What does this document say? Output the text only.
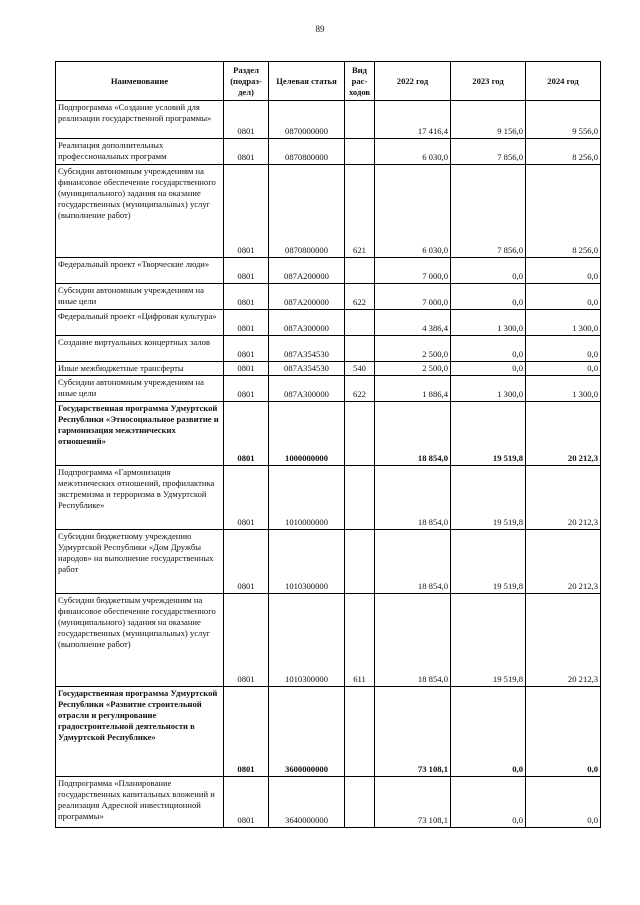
89
Наименование	Раздел (подраз-дел)	Целевая статья	Вид рас-ходов	2022 год	2023 год	2024 год
Подпрограмма «Создание условий для реализации государственной программы»	0801	0870000000		17 416,4	9 156,0	9 556,0
Реализация дополнительных профессиональных программ	0801	0870800000		6 030,0	7 856,0	8 256,0
Субсидии автономным учреждениям на финансовое обеспечение государственного (муниципального) задания на оказание государственных (муниципальных) услуг (выполнение работ)	0801	0870800000	621	6 030,0	7 856,0	8 256,0
Федеральный проект «Творческие люди»	0801	087A200000		7 000,0	0,0	0,0
Субсидии автономным учреждениям на иные цели	0801	087A200000	622	7 000,0	0,0	0,0
Федеральный проект «Цифровая культура»	0801	087A300000		4 386,4	1 300,0	1 300,0
Создание виртуальных концертных залов	0801	087A354530		2 500,0	0,0	0,0
Иные межбюджетные трансферты	0801	087A354530	540	2 500,0	0,0	0,0
Субсидии автономным учреждениям на иные цели	0801	087A300000	622	1 886,4	1 300,0	1 300,0
Государственная программа Удмуртской Республики «Этносоциальное развитие и гармонизация межэтнических отношений»	0801	1000000000		18 854,0	19 519,8	20 212,3
Подпрограмма «Гармонизация межэтнических отношений, профилактика экстремизма и терроризма в Удмуртской Республике»	0801	1010000000		18 854,0	19 519,8	20 212,3
Субсидии бюджетному учреждению Удмуртской Республики «Дом Дружбы народов» на выполнение государственных работ	0801	1010300000		18 854,0	19 519,8	20 212,3
Субсидии бюджетным учреждениям на финансовое обеспечение государственного (муниципального) задания на оказание государственных (муниципальных) услуг (выполнение работ)	0801	1010300000	611	18 854,0	19 519,8	20 212,3
Государственная программа Удмуртской Республики «Развитие строительной отрасли и регулирование градостроительной деятельности в Удмуртской Республике»	0801	3600000000		73 108,1	0,0	0,0
Подпрограмма «Планирование государственных капитальных вложений и реализация Адресной инвестиционной программы»	0801	3640000000		73 108,1	0,0	0,0
